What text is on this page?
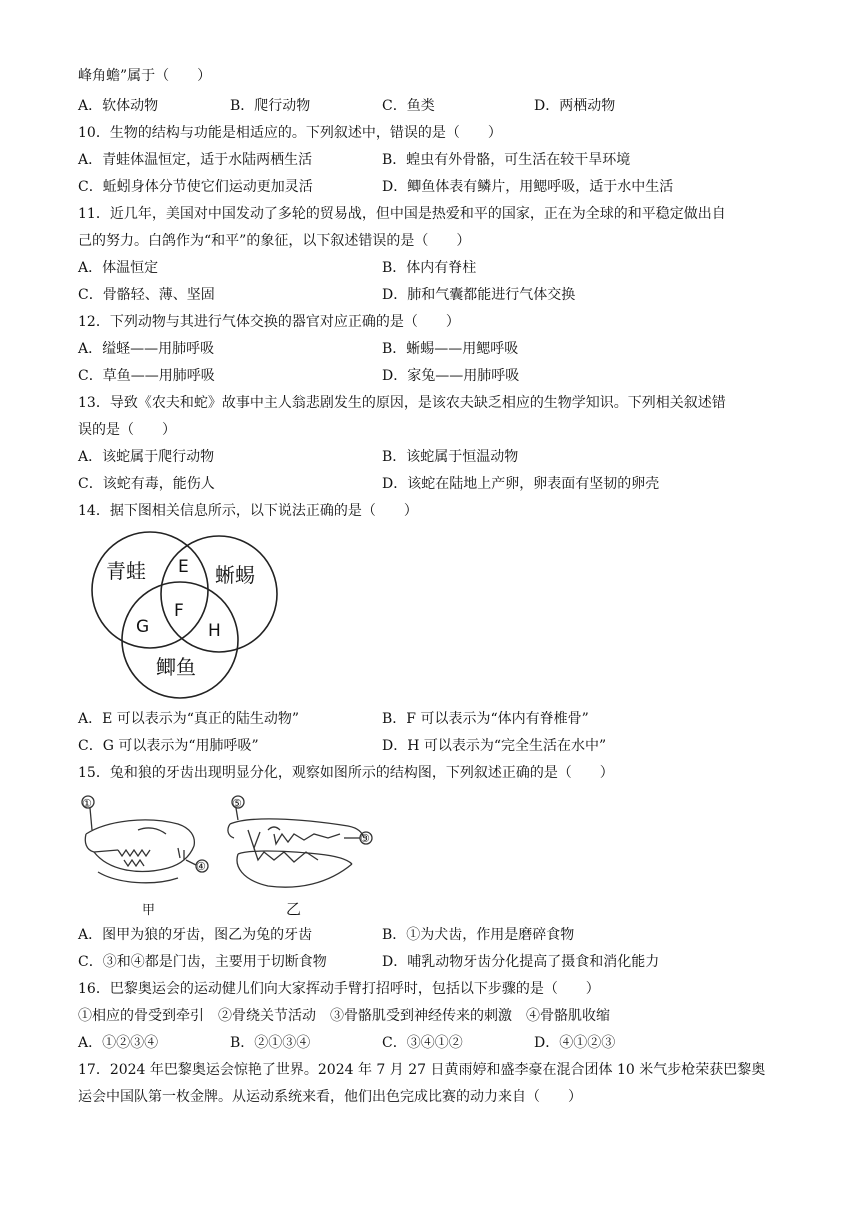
峰角蟾”属于（　　）
A．软体动物	B．爬行动物	C．鱼类	D．两栖动物
10．生物的结构与功能是相适应的。下列叙述中，错误的是（　　）
A．青蛙体温恒定，适于水陆两栖生活	B．蝗虫有外骨骼，可生活在较干旱环境
C．蚯蚓身体分节使它们运动更加灵活	D．鲫鱼体表有鳞片，用鳃呼吸，适于水中生活
11．近几年，美国对中国发动了多轮的贸易战，但中国是热爱和平的国家，正在为全球的和平稳定做出自
己的努力。白鸽作为“和平”的象征，以下叙述错误的是（　　）
A．体温恒定	B．体内有脊柱
C．骨骼轻、薄、坚固	D．肺和气囊都能进行气体交换
12．下列动物与其进行气体交换的器官对应正确的是（　　）
A．缢蛏——用肺呼吸	B．蜥蜴——用鳃呼吸
C．草鱼——用肺呼吸	D．家兔——用肺呼吸
13．导致《农夫和蛇》故事中主人翁悲剧发生的原因，是该农夫缺乏相应的生物学知识。下列相关叙述错
误的是（　　）
A．该蛇属于爬行动物	B．该蛇属于恒温动物
C．该蛇有毒，能伤人	D．该蛇在陆地上产卵，卵表面有坚韧的卵壳
14．据下图相关信息所示，以下说法正确的是（　　）
青蛙	蜥蜴
鲫鱼
E
F
G	H
A．E 可以表示为“真正的陆生动物”	B．F 可以表示为“体内有脊椎骨”
C．G 可以表示为“用肺呼吸”	D．H 可以表示为“完全生活在水中”
15．兔和狼的牙齿出现明显分化，观察如图所示的结构图，下列叙述正确的是（　　）
①
④
⑤
③
甲	乙
A．图甲为狼的牙齿，图乙为兔的牙齿	B．①为犬齿，作用是磨碎食物
C．③和④都是门齿，主要用于切断食物	D．哺乳动物牙齿分化提高了摄食和消化能力
16．巴黎奥运会的运动健儿们向大家挥动手臂打招呼时，包括以下步骤的是（　　）
①相应的骨受到牵引　②骨绕关节活动　③骨骼肌受到神经传来的刺激　④骨骼肌收缩
A．①②③④	B．②①③④	C．③④①②	D．④①②③
17．2024 年巴黎奥运会惊艳了世界。2024 年 7 月 27 日黄雨婷和盛李豪在混合团体 10 米气步枪荣获巴黎奥
运会中国队第一枚金牌。从运动系统来看，他们出色完成比赛的动力来自（　　）
